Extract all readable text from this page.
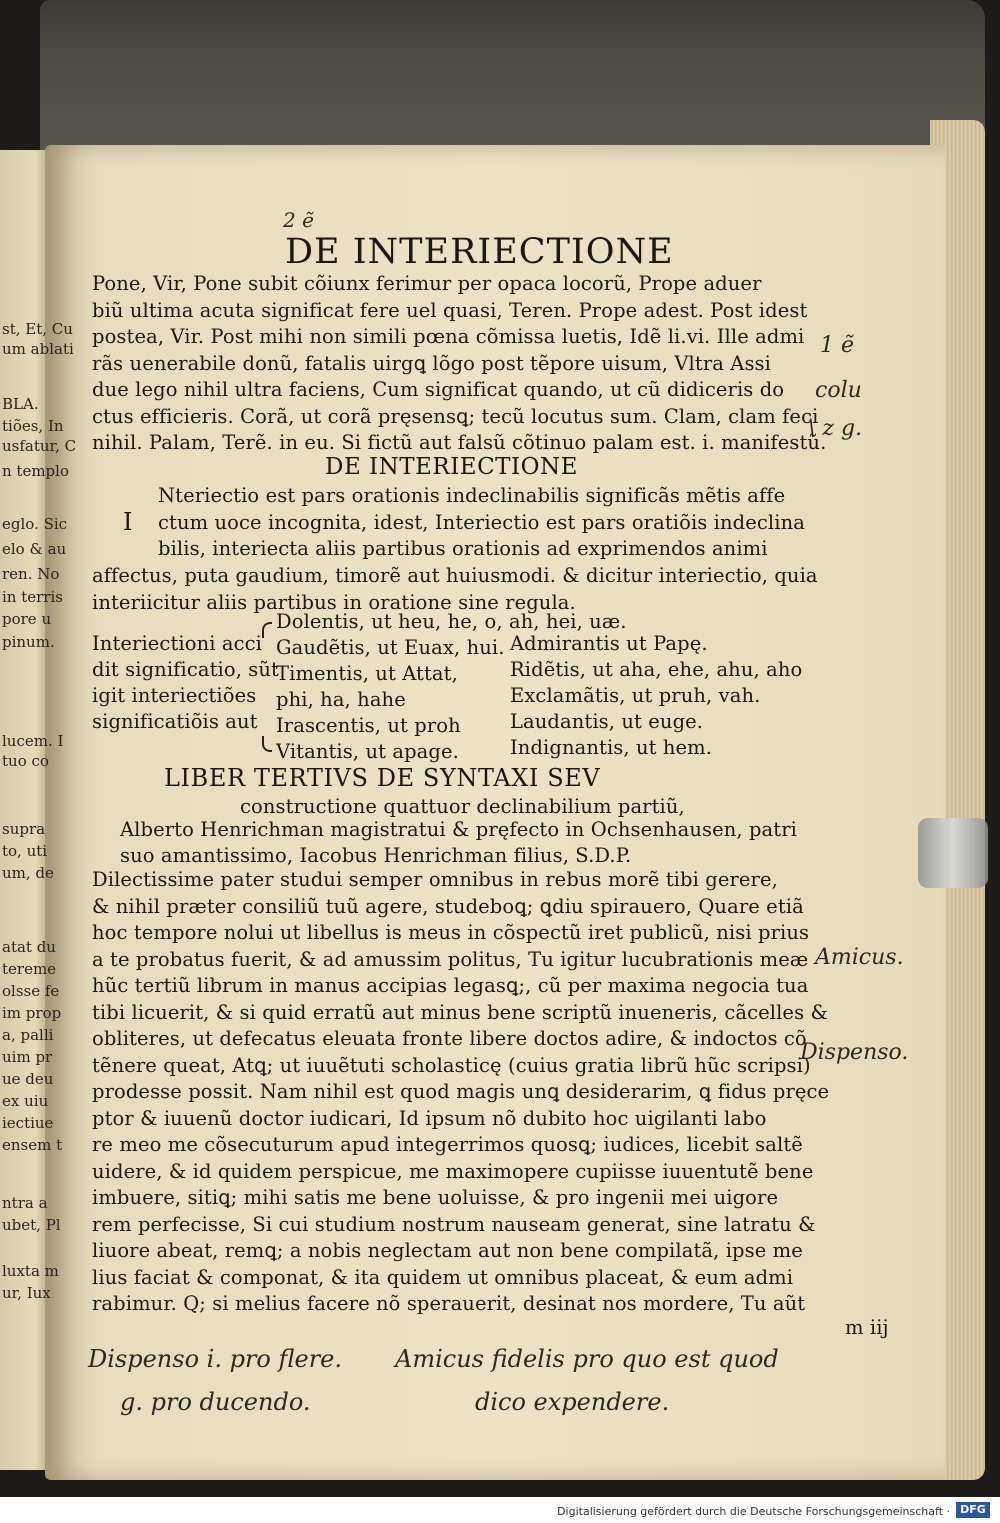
st, Et, Cu
um ablati
BLA.
tiões, In
usfatur, C
n templo
eglo. Sic
elo & au
ren. No
in terris
pore u
pinum.
lucem. I
tuo co
supra
to, uti
um, de
atat du
tereme
olsse fe
im prop
a, palli
uim pr
ue deu
ex uiu
iectiue
ensem t
ntra a
ubet, Pl
luxta m
ur, Iux
2 ẽ
DE INTERIECTIONE
Pone, Vir, Pone subit cõiunx ferimur per opaca locorũ, Prope aduer
biũ ultima acuta significat fere uel quasi, Teren. Prope adest. Post idest
postea, Vir. Post mihi non simili pœna cõmissa luetis, Idẽ li.vi. Ille admi
rãs uenerabile donũ, fatalis uirgꝗ lõgo post tẽpore uisum, Vltra Assi
due lego nihil ultra faciens, Cum significat quando, ut cũ didiceris do
ctus efficieris. Corã, ut corã pręsensꝗ; tecũ locutus sum. Clam, clam feci
nihil. Palam, Terẽ. in eu. Si fictũ aut falsũ cõtinuo palam est. i. manifestũ.
DE INTERIECTIONE
I
Nteriectio est pars orationis indeclinabilis significãs mẽtis affe
ctum uoce incognita, idest, Interiectio est pars oratiõis indeclina
bilis, interiecta aliis partibus orationis ad exprimendos animi
affectus, puta gaudium, timorẽ aut huiusmodi. & dicitur interiectio, quia
interiicitur aliis partibus in oratione sine regula.
Interiectioni acci
dit significatio, sũt
igit interiectiões
significatiõis aut
Dolentis, ut heu, he, o, ah, hei, uæ.
Gaudẽtis, ut Euax, hui.
Timentis, ut Attat,
phi, ha, hahe
Irascentis, ut proh
Vitantis, ut apage.
Admirantis ut Papę.
Ridẽtis, ut aha, ehe, ahu, aho
Exclamãtis, ut pruh, vah.
Laudantis, ut euge.
Indignantis, ut hem.
LIBER TERTIVS DE SYNTAXI SEV
constructione quattuor declinabilium partiũ,
Alberto Henrichman magistratui & pręfecto in Ochsenhausen, patri
suo amantissimo, Iacobus Henrichman filius, S.D.P.
Dilectissime pater studui semper omnibus in rebus morẽ tibi gerere,
& nihil præter consiliũ tuũ agere, studeboꝗ; ꝗdiu spirauero, Quare etiã
hoc tempore nolui ut libellus is meus in cõspectũ iret publicũ, nisi prius
a te probatus fuerit, & ad amussim politus, Tu igitur lucubrationis meæ
hũc tertiũ librum in manus accipias legasꝗ;, cũ per maxima negocia tua
tibi licuerit, & si quid erratũ aut minus bene scriptũ inueneris, cãcelles &
obliteres, ut defecatus eleuata fronte libere doctos adire, & indoctos cõ
tẽnere queat, Atꝗ; ut iuuẽtuti scholasticę (cuius gratia librũ hũc scripsi)
prodesse possit. Nam nihil est quod magis unꝗ desiderarim, ꝗ fidus pręce
ptor & iuuenũ doctor iudicari, Id ipsum nõ dubito hoc uigilanti labo
re meo me cõsecuturum apud integerrimos quosꝗ; iudices, licebit saltẽ
uidere, & id quidem perspicue, me maximopere cupiisse iuuentutẽ bene
imbuere, sitiꝗ; mihi satis me bene uoluisse, & pro ingenii mei uigore
rem perfecisse, Si cui studium nostrum nauseam generat, sine latratu &
liuore abeat, remꝗ; a nobis neglectam aut non bene compilatã, ipse me
lius faciat & componat, & ita quidem ut omnibus placeat, & eum admi
rabimur. Q; si melius facere nõ sperauerit, desinat nos mordere, Tu aũt
m iij
1 ẽ
colu
\ z g.
Amicus.
Dispenso.
Dispenso i. pro flere. Amicus fidelis pro quo est quod
g. pro ducendo.	dico expendere.
Digitalisierung gefördert durch die Deutsche Forschungsgemeinschaft · DFG
